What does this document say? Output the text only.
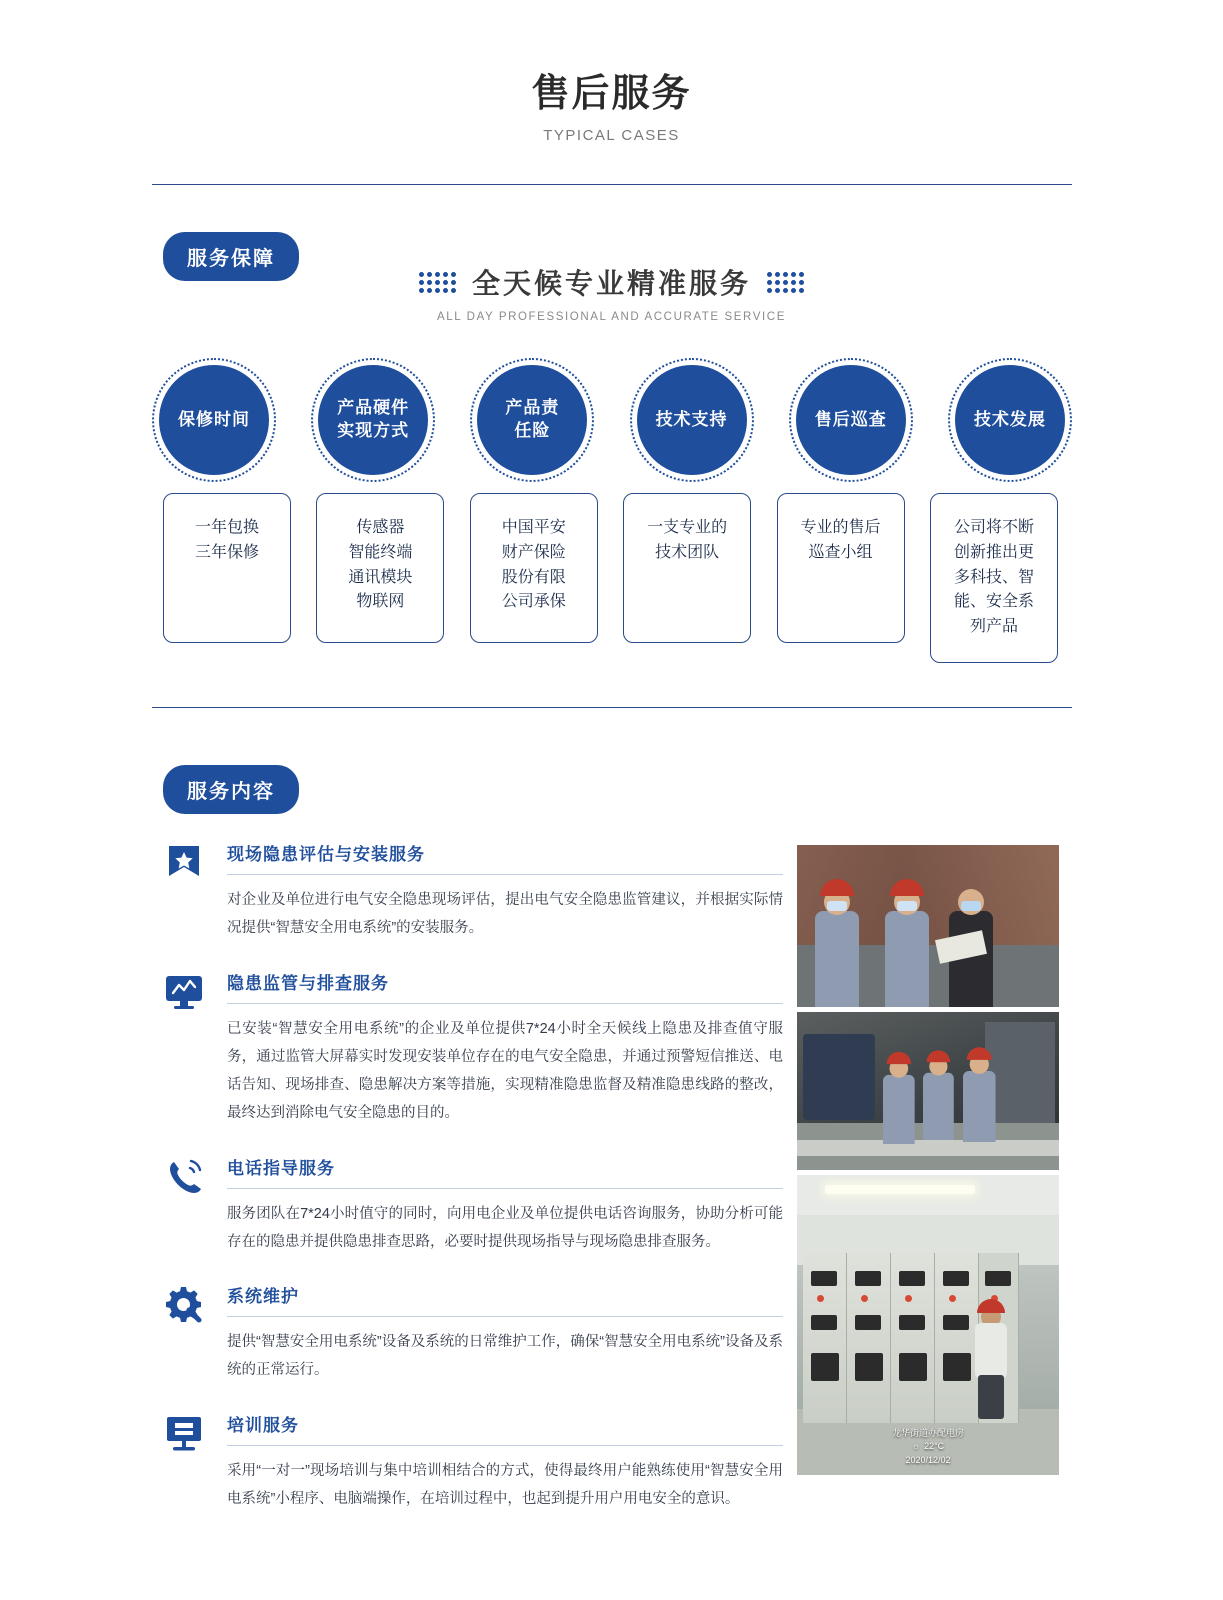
售后服务
TYPICAL CASES
服务保障
全天候专业精准服务
ALL DAY PROFESSIONAL AND ACCURATE SERVICE
保修时间
产品硬件
实现方式
产品责
任险
技术支持	售后巡查	技术发展
一年包换
三年保修
传感器
智能终端
通讯模块
物联网
中国平安
财产保险
股份有限
公司承保
一支专业的
技术团队
专业的售后
巡查小组
公司将不断
创新推出更
多科技、智
能、安全系
列产品
服务内容
现场隐患评估与安装服务
对企业及单位进行电气安全隐患现场评估，提出电气安全隐患监管建议，并根据实际情况提供“智慧安全用电系统”的安装服务。
隐患监管与排查服务
已安装“智慧安全用电系统”的企业及单位提供7*24小时全天候线上隐患及排查值守服务，通过监管大屏幕实时发现安装单位存在的电气安全隐患，并通过预警短信推送、电话告知、现场排查、隐患解决方案等措施，实现精准隐患监督及精准隐患线路的整改，最终达到消除电气安全隐患的目的。
电话指导服务
服务团队在7*24小时值守的同时，向用电企业及单位提供电话咨询服务，协助分析可能存在的隐患并提供隐患排查思路，必要时提供现场指导与现场隐患排查服务。
系统维护
提供“智慧安全用电系统”设备及系统的日常维护工作，确保“智慧安全用电系统”设备及系统的正常运行。
培训服务
采用“一对一”现场培训与集中培训相结合的方式，使得最终用户能熟练使用“智慧安全用电系统”小程序、电脑端操作，在培训过程中，也起到提升用户用电安全的意识。
龙华街道办配电房
☼ 22°C
2020/12/02
